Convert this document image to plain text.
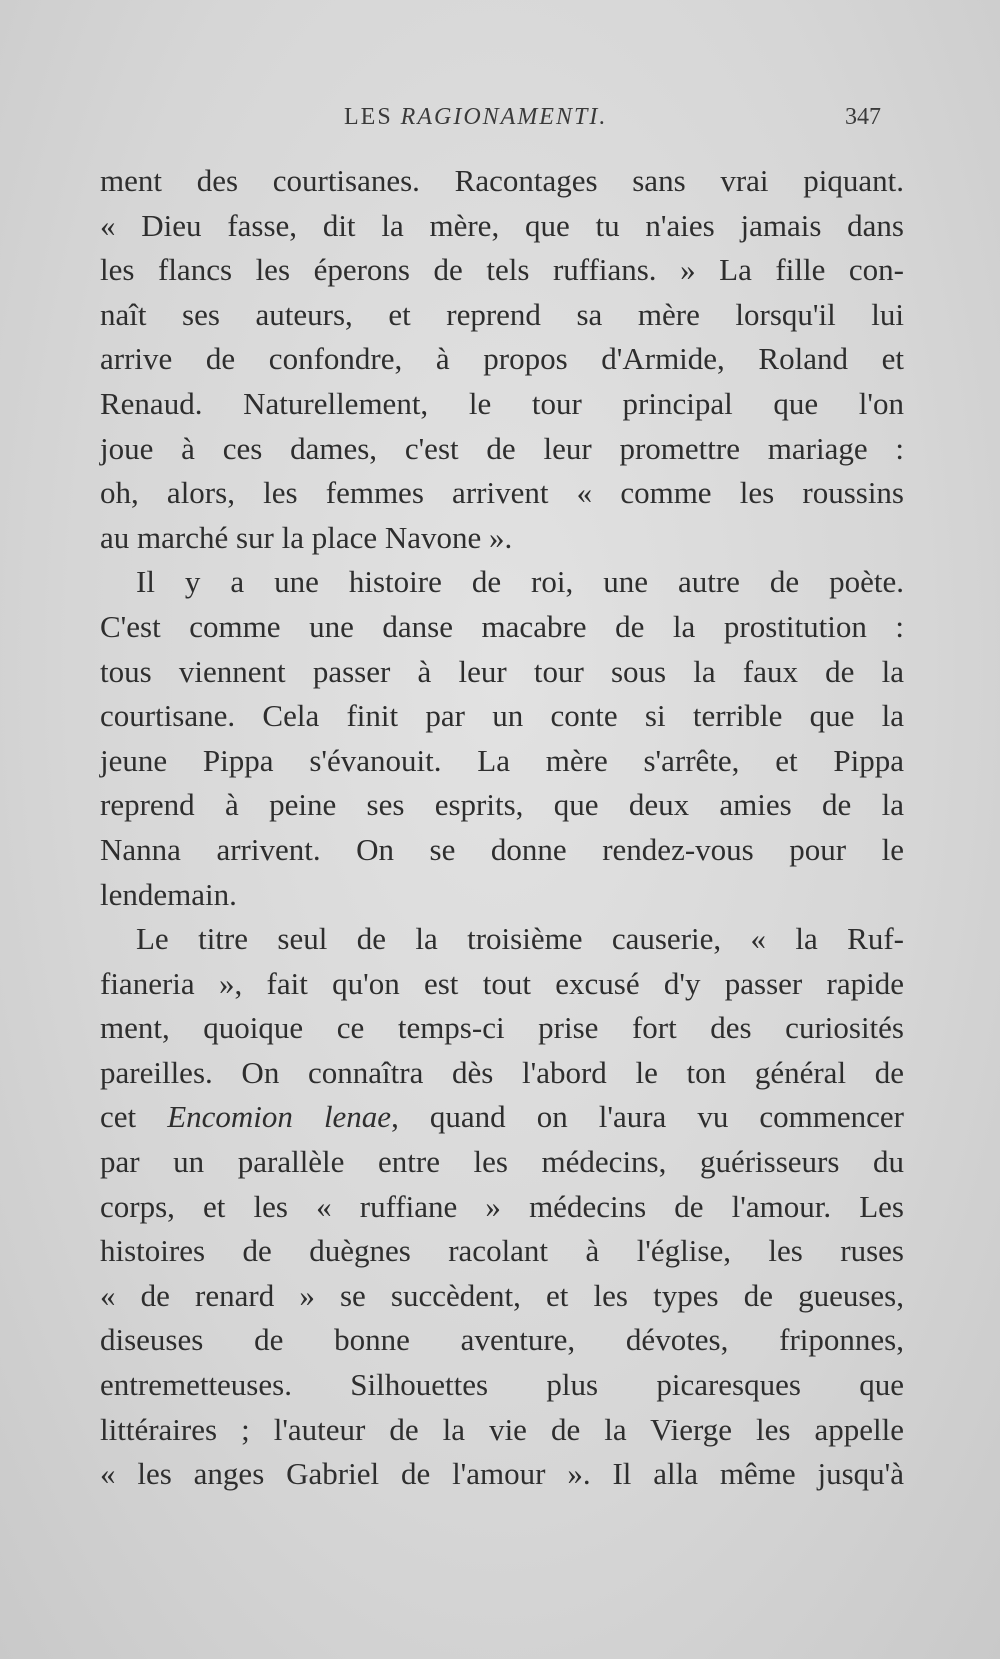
LES RAGIONAMENTI.	347
ment des courtisanes. Racontages sans vrai piquant.
« Dieu fasse, dit la mère, que tu n'aies jamais dans
les flancs les éperons de tels ruffians. » La fille con-
naît ses auteurs, et reprend sa mère lorsqu'il lui
arrive de confondre, à propos d'Armide, Roland et
Renaud. Naturellement, le tour principal que l'on
joue à ces dames, c'est de leur promettre mariage :
oh, alors, les femmes arrivent « comme les roussins
au marché sur la place Navone ».
Il y a une histoire de roi, une autre de poète.
C'est comme une danse macabre de la prostitution :
tous viennent passer à leur tour sous la faux de la
courtisane. Cela finit par un conte si terrible que la
jeune Pippa s'évanouit. La mère s'arrête, et Pippa
reprend à peine ses esprits, que deux amies de la
Nanna arrivent. On se donne rendez-vous pour le
lendemain.
Le titre seul de la troisième causerie, « la Ruf-
fianeria », fait qu'on est tout excusé d'y passer rapide
ment, quoique ce temps-ci prise fort des curiosités
pareilles. On connaîtra dès l'abord le ton général de
cet Encomion lenae, quand on l'aura vu commencer
par un parallèle entre les médecins, guérisseurs du
corps, et les « ruffiane » médecins de l'amour. Les
histoires de duègnes racolant à l'église, les ruses
« de renard » se succèdent, et les types de gueuses,
diseuses de bonne aventure, dévotes, friponnes,
entremetteuses. Silhouettes plus picaresques que
littéraires ; l'auteur de la vie de la Vierge les appelle
« les anges Gabriel de l'amour ». Il alla même jusqu'à
